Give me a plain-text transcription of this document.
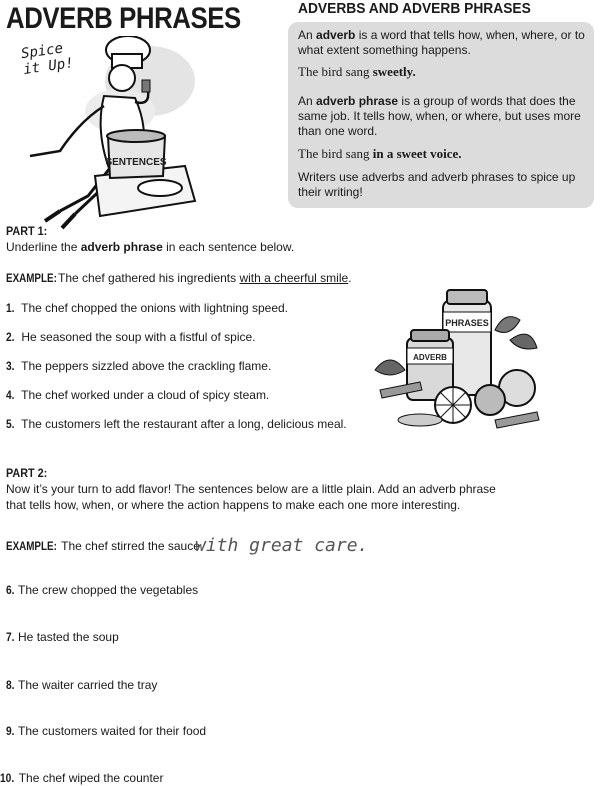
ADVERB PHRASES
Spice it Up!
SENTENCES
ADVERBS AND ADVERB PHRASES
An adverb is a word that tells how, when, where, or to what extent something happens.
The bird sang sweetly.
An adverb phrase is a group of words that does the same job. It tells how, when, or where, but uses more than one word.
The bird sang in a sweet voice.
Writers use adverbs and adverb phrases to spice up their writing!
PART 1:
Underline the adverb phrase in each sentence below.
EXAMPLE:The chef gathered his ingredients with a cheerful smile.
1. The chef chopped the onions with lightning speed.
2. He seasoned the soup with a fistful of spice.
3. The peppers sizzled above the crackling flame.
4. The chef worked under a cloud of spicy steam.
5. The customers left the restaurant after a long, delicious meal.
PHRASES
ADVERB
PART 2:
Now it’s your turn to add flavor! The sentences below are a little plain. Add an adverb phrase
that tells how, when, or where the action happens to make each one more interesting.
EXAMPLE: The chef stirred the sauce
with great care.
6. The crew chopped the vegetables
7. He tasted the soup
8. The waiter carried the tray
9. The customers waited for their food
10. The chef wiped the counter
